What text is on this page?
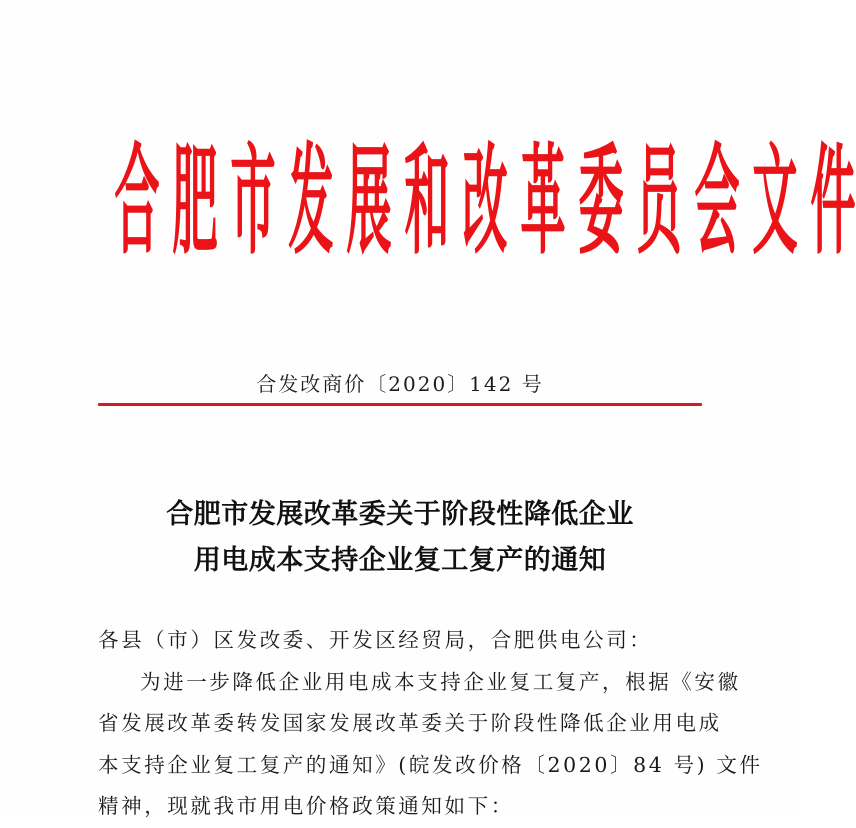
合 肥 市 发 展 和 改 革 委 员 会 文 件
合发改商价〔2020〕142 号
合肥市发展改革委关于阶段性降低企业
用电成本支持企业复工复产的通知
各县（市）区发改委、开发区经贸局，合肥供电公司：
为进一步降低企业用电成本支持企业复工复产，根据《安徽
省发展改革委转发国家发展改革委关于阶段性降低企业用电成
本支持企业复工复产的通知》(皖发改价格〔2020〕84 号) 文件
精神，现就我市用电价格政策通知如下：
